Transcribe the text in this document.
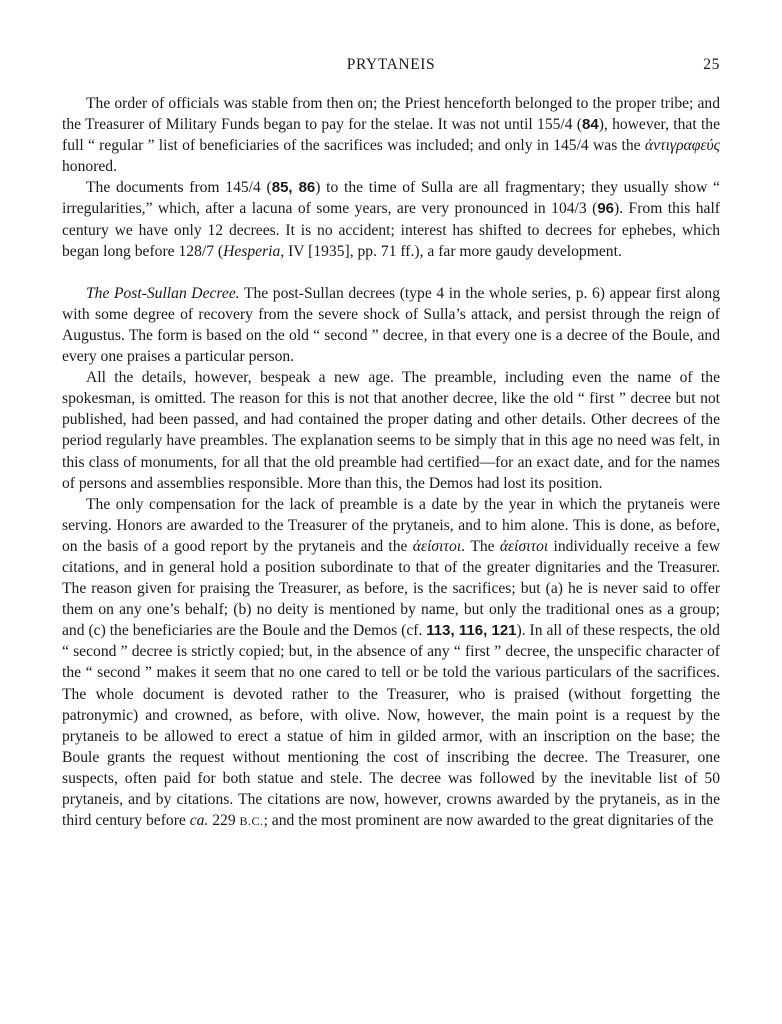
PRYTANEIS	25

The order of officials was stable from then on; the Priest henceforth belonged to the proper tribe; and the Treasurer of Military Funds began to pay for the stelae. It was not until 155/4 (84), however, that the full “ regular ” list of beneficiaries of the sacrifices was included; and only in 145/4 was the ἀντιγραφεύς honored.

The documents from 145/4 (85, 86) to the time of Sulla are all fragmentary; they usually show “ irregularities,” which, after a lacuna of some years, are very pronounced in 104/3 (96). From this half century we have only 12 decrees. It is no accident; interest has shifted to decrees for ephebes, which began long before 128/7 (Hesperia, IV [1935], pp. 71 ff.), a far more gaudy development.

The Post-Sullan Decree. The post-Sullan decrees (type 4 in the whole series, p. 6) appear first along with some degree of recovery from the severe shock of Sulla’s attack, and persist through the reign of Augustus. The form is based on the old “ second ” decree, in that every one is a decree of the Boule, and every one praises a particular person.

All the details, however, bespeak a new age. The preamble, including even the name of the spokesman, is omitted. The reason for this is not that another decree, like the old “ first ” decree but not published, had been passed, and had contained the proper dating and other details. Other decrees of the period regularly have preambles. The explanation seems to be simply that in this age no need was felt, in this class of monuments, for all that the old preamble had certified—for an exact date, and for the names of persons and assemblies responsible. More than this, the Demos had lost its position.

The only compensation for the lack of preamble is a date by the year in which the prytaneis were serving. Honors are awarded to the Treasurer of the prytaneis, and to him alone. This is done, as before, on the basis of a good report by the prytaneis and the ἀείσιτοι. The ἀείσιτοι individually receive a few citations, and in general hold a position subordinate to that of the greater dignitaries and the Treasurer. The reason given for praising the Treasurer, as before, is the sacrifices; but (a) he is never said to offer them on any one’s behalf; (b) no deity is mentioned by name, but only the traditional ones as a group; and (c) the beneficiaries are the Boule and the Demos (cf. 113, 116, 121). In all of these respects, the old “ second ” decree is strictly copied; but, in the absence of any “ first ” decree, the unspecific character of the “ second ” makes it seem that no one cared to tell or be told the various particulars of the sacrifices. The whole document is devoted rather to the Treasurer, who is praised (without forgetting the patronymic) and crowned, as before, with olive. Now, however, the main point is a request by the prytaneis to be allowed to erect a statue of him in gilded armor, with an inscription on the base; the Boule grants the request without mentioning the cost of inscribing the decree. The Treasurer, one suspects, often paid for both statue and stele. The decree was followed by the inevitable list of 50 prytaneis, and by citations. The citations are now, however, crowns awarded by the prytaneis, as in the third century before ca. 229 B.C.; and the most prominent are now awarded to the great dignitaries of the
